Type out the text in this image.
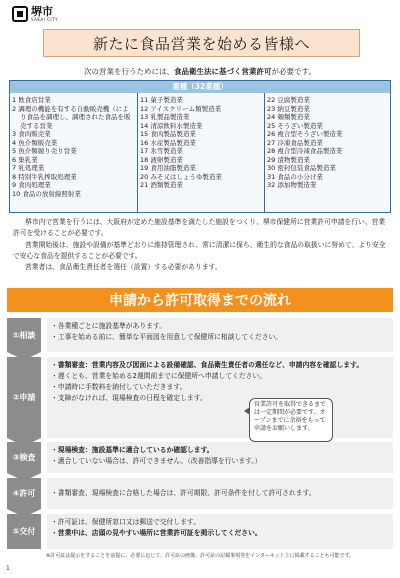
堺市
SAKAI CITY
新たに食品営業を始める皆様へ
次の営業を行うためには、食品衛生法に基づく営業許可が必要です。
業種（32業種）
1 飲食店営業
2 調理の機能を有する自動販売機（により食品を調理し、調理された食品を販売する営業
3 食肉販売業
4 魚介類販売業
5 魚介類競り売り営業
6 集乳業
7 乳処理業
8 特別牛乳搾取処理業
9 食肉処理業
10 食品の放射線照射業
11 菓子製造業
12 アイスクリーム類製造業
13 乳製品製造業
14 清涼飲料水製造業
15 食肉製品製造業
16 水産製品製造業
17 氷雪製造業
18 液卵製造業
19 食用油脂製造業
20 みそ又はしょうゆ製造業
21 酒類製造業
22 豆腐製造業
23 納豆製造業
24 麺類製造業
25 そうざい製造業
26 複合型そうざい製造業
27 冷凍食品製造業
28 複合型冷凍食品製造業
29 漬物製造業
30 密封包装食品製造業
31 食品の小分け業
32 添加物製造業
堺市内で営業を行うには、大阪府が定めた施設基準を満たした施設をつくり、堺市保健所に営業許可申請を行い、営業許可を受けることが必要です。
営業開始後は、施設や設備が基準どおりに維持管理され、常に清潔に保ち、衛生的な食品の取扱いに努めて、より安全で安心な食品を提供することが必要です。
営業者は、食品衛生責任者を選任（設置）する必要があります。
申請から許可取得までの流れ
①相談
・各業種ごとに施設基準があります。
・工事を始める前に、簡単な平面図を用意して保健所に相談してください。
②申請
・書類審査：営業内容及び図面による設備確認、食品衛生責任者の選任など、申請内容を確認します。
・遅くとも、営業を始める2週間前までに保健所へ申請してください。
・申請時に手数料を納付していただきます。
・支障がなければ、現場検査の日程を確定します。
営業許可を取得できるまでは一定期間が必要です。オープンまでに余裕をもって申請をお願いします。
③検査
・現場検査：施設基準に適合しているか確認します。
・適合していない場合は、許可できません。（改善指導を行います。）
④許可 ・書類審査、現場検査に合格した場合は、許可期限、許可条件を付して許可されます。
⑤交付
・許可証は、保健所窓口又は郵送で交付します。
・営業中は、店頭の見やすい場所に営業許可証を掲示してください。
※許可証は提示をすることを前提に、必要に応じて、許可証の画像、許可証の記載事項等をインターネット上に掲載することも可能です。
1
